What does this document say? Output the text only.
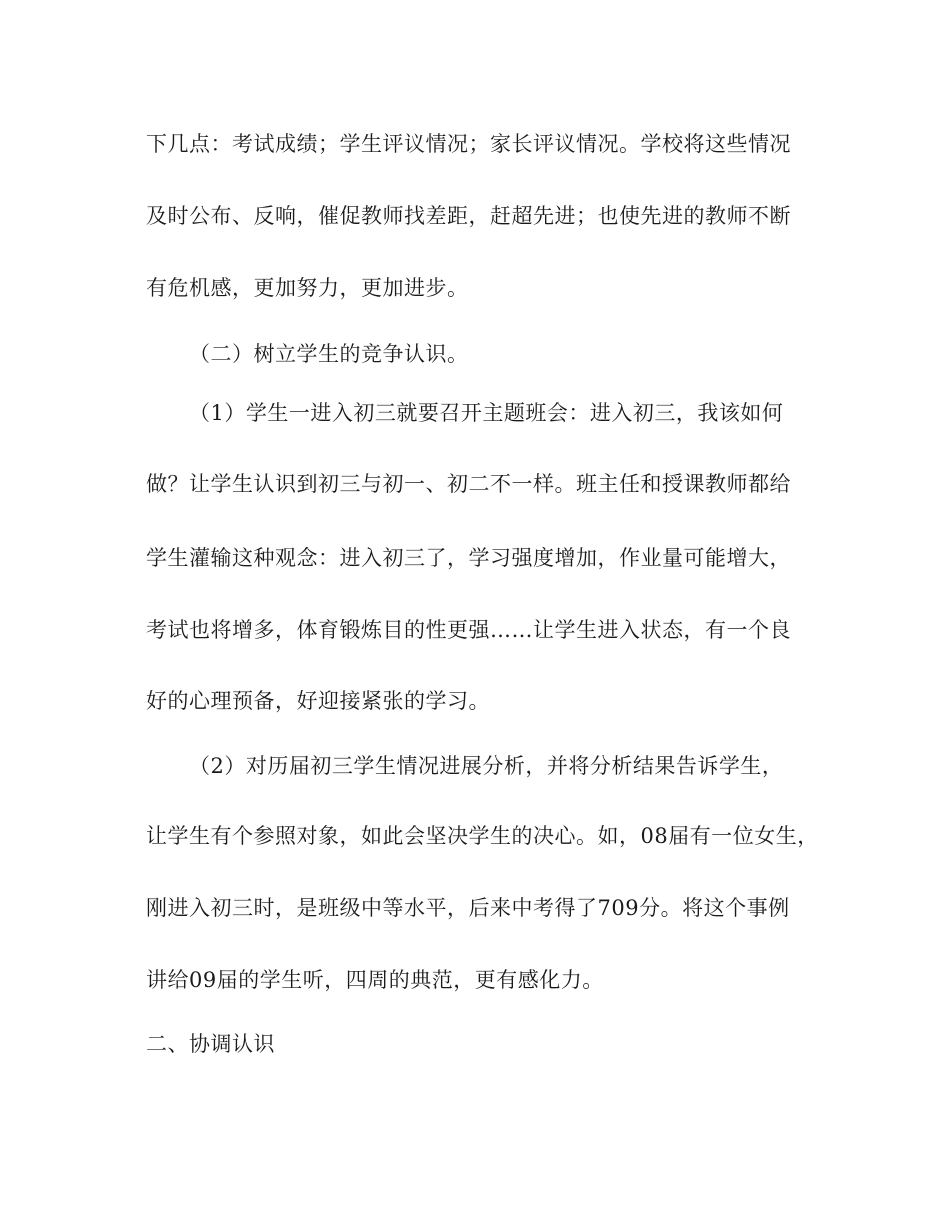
下几点：考试成绩；学生评议情况；家长评议情况。学校将这些情况
及时公布、反响，催促教师找差距，赶超先进；也使先进的教师不断
有危机感，更加努力，更加进步。
（二）树立学生的竞争认识。
（1）学生一进入初三就要召开主题班会：进入初三，我该如何
做？让学生认识到初三与初一、初二不一样。班主任和授课教师都给
学生灌输这种观念：进入初三了，学习强度增加，作业量可能增大，
考试也将增多，体育锻炼目的性更强……让学生进入状态，有一个良
好的心理预备，好迎接紧张的学习。
（2）对历届初三学生情况进展分析，并将分析结果告诉学生，
让学生有个参照对象，如此会坚决学生的决心。如，08届有一位女生，
刚进入初三时，是班级中等水平，后来中考得了709分。将这个事例
讲给09届的学生听，四周的典范，更有感化力。
二、协调认识
